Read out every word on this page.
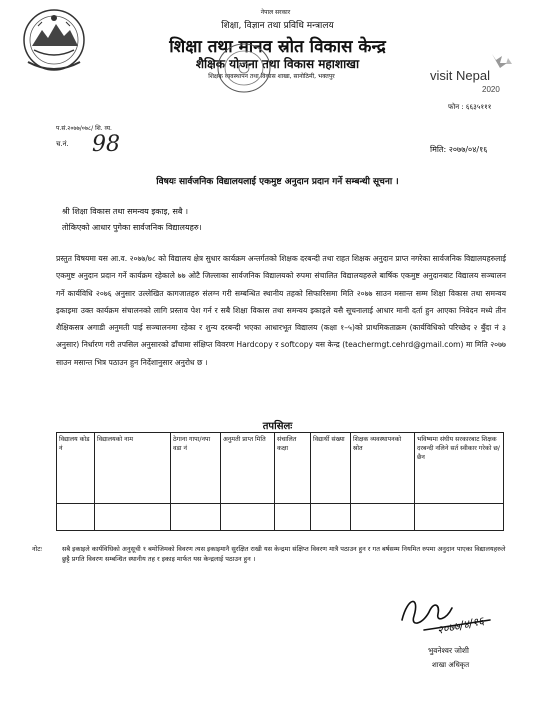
नेपाल सरकार
शिक्षा, विज्ञान तथा प्रविधि मन्त्रालय
शिक्षा तथा मानव स्रोत विकास केन्द्र
शैक्षिक योजना तथा विकास महाशाखा
शिक्षक व्यवस्थापन तथा विकास शाखा, सानोठिमी, भक्तपुर	visit Nepal
2020
फोन : ६६३५१११
प.सं.२०७७/०७८/ शि. व्य.
च.नं. 98	मिति: २०७७/०४/१६
विषयः सार्वजनिक विद्यालयलाई एकमुष्ट अनुदान प्रदान गर्ने सम्बन्धी सूचना ।
श्री शिक्षा विकास तथा समन्वय इकाइ, सबै ।
तोकिएको आधार पुगेका सार्वजनिक विद्यालयहरु।
प्रस्तुत विषयमा यस आ.व. २०७७/७८ को विद्यालय क्षेत्र सुधार कार्यक्रम अन्तर्गतको शिक्षक दरबन्दी तथा राहत शिक्षक अनुदान प्राप्त नगरेका सार्वजनिक विद्यालयहरुलाई एकमुष्ट अनुदान प्रदान गर्ने कार्यक्रम रहेकाले ७७ ओटै जिल्लाका सार्वजनिक विद्यालयको रुपमा संचालित विद्यालयहरुले बार्षिक एकमुष्ट अनुदानबाट विद्यालय सञ्चालन गर्ने कार्यविधि २०७६ अनुसार उल्लेखित कागजातहरु संलग्न गरी सम्बन्धित स्थानीय तहको सिफारिसमा मिति २०७७ साउन मसान्त सम्म शिक्षा विकास तथा समन्वय इकाइमा उक्त कार्यक्रम संचालनको लागि प्रस्ताव पेश गर्न र सबै शिक्षा विकास तथा समन्वय इकाइले यसै सूचनालाई आधार मानी दर्ता हुन आएका निवेदन मध्ये तीन शैक्षिकसत्र अगाडी अनुमती पाई सञ्चालनमा रहेका र शुन्य दरबन्दी भएका आधारभूत विद्यालय (कक्षा १–५)को प्राथमिकताक्रम (कार्यविधिको परिच्छेद २ बुँदा नं ३ अनुसार) निर्धारण गरी तपसिल अनुसारको ढाँचामा संक्षिप्त विवरण Hardcopy र softcopy यस केन्द्र (teachermgt.cehrd@gmail.com) मा मिति २०७७ साउन मसान्त भित्र पठाउन हुन निर्देशानुसार अनुरोध छ ।
तपसिलः
विद्यालय कोड नं	विद्यालयको नाम	ठेगाना गापा/नपा वडा नं	अनुमती प्राप्त मिति	संचालित कक्षा	विद्यार्थी संख्या	शिक्षक व्यवस्थापनको स्रोत	भविष्यमा संघीय सरकारबाट शिक्षक दरबन्दी नलिने सर्त स्वीकार गरेको छ/छैन

नोटः	सबै इकाइले कार्यविधिको अनुसूची १ बमोजिमको विवरण त्यस इकाइमानै सुरक्षित राखी यस केन्द्रमा संक्षिप्त विवरण मात्रै पठाउन हुन र गत बर्षसम्म नियमित रुपमा अनुदान पाएका विद्यालयहरुले छुट्टै प्रगति विवरण सम्बन्धित स्थानीय तह र इकाइ मार्फत यस केन्द्रलाई पठाउन हुन ।
२०७७/४/१६
भुवनेश्वर जोशी
शाखा अधिकृत
